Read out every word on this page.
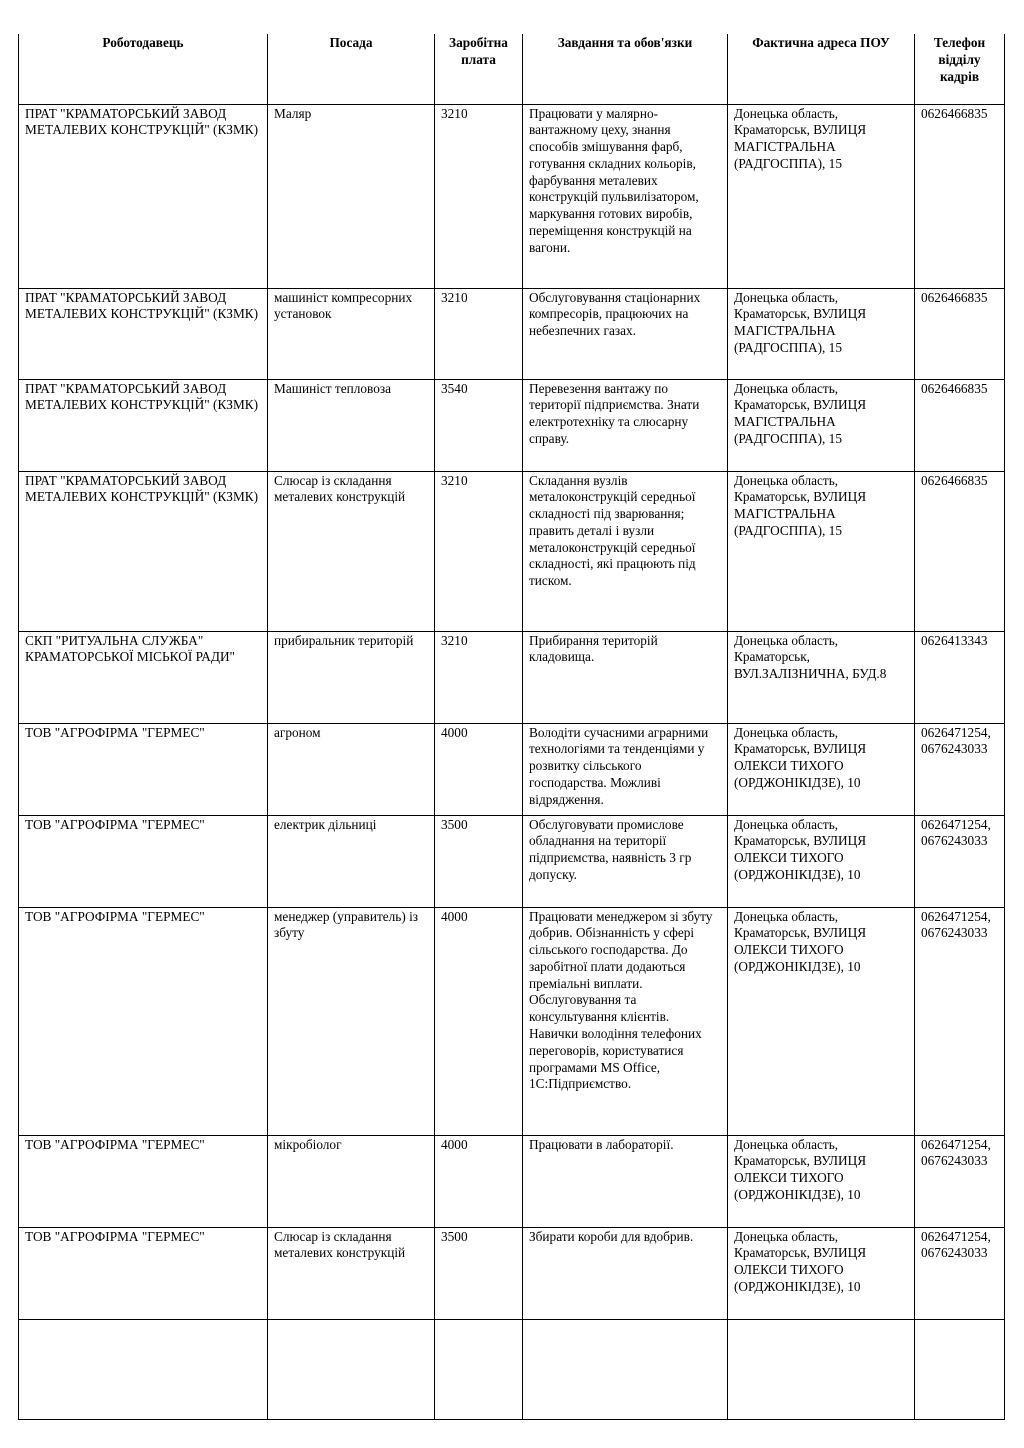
Роботодавець	Посада	Заробітна плата	Завдання та обов'язки	Фактична адреса ПОУ	Телефон відділу кадрів
ПРАТ "КРАМАТОРСЬКИЙ ЗАВОД МЕТАЛЕВИХ КОНСТРУКЦІЙ" (КЗМК)	Маляр	3210	Працювати у малярно-вантажному цеху, знання способів змішування фарб, готування складних кольорів, фарбування металевих конструкцій пульвилізатором, маркування готових виробів, переміщення конструкцій на вагони.	Донецька область, Краматорськ, ВУЛИЦЯ МАГІСТРАЛЬНА (РАДГОСППА), 15	0626466835
ПРАТ "КРАМАТОРСЬКИЙ ЗАВОД МЕТАЛЕВИХ КОНСТРУКЦІЙ" (КЗМК)	машиніст компресорних установок	3210	Обслуговування стаціонарних компресорів, працюючих на небезпечних газах.	Донецька область, Краматорськ, ВУЛИЦЯ МАГІСТРАЛЬНА (РАДГОСППА), 15	0626466835
ПРАТ "КРАМАТОРСЬКИЙ ЗАВОД МЕТАЛЕВИХ КОНСТРУКЦІЙ" (КЗМК)	Машиніст тепловоза	3540	Перевезення вантажу по території підприємства. Знати електротехніку та слюсарну справу.	Донецька область, Краматорськ, ВУЛИЦЯ МАГІСТРАЛЬНА (РАДГОСППА), 15	0626466835
ПРАТ "КРАМАТОРСЬКИЙ ЗАВОД МЕТАЛЕВИХ КОНСТРУКЦІЙ" (КЗМК)	Слюсар із складання металевих конструкцій	3210	Складання вузлів металоконструкцій середньої складності під зварювання; править деталі і вузли металоконструкцій середньої складності, які працюють під тиском.	Донецька область, Краматорськ, ВУЛИЦЯ МАГІСТРАЛЬНА (РАДГОСППА), 15	0626466835
СКП "РИТУАЛЬНА СЛУЖБА" КРАМАТОРСЬКОЇ МІСЬКОЇ РАДИ"	прибиральник територій	3210	Прибирання територій кладовища.	Донецька область, Краматорськ, ВУЛ.ЗАЛІЗНИЧНА, БУД.8	0626413343
ТОВ "АГРОФІРМА "ГЕРМЕС"	агроном	4000	Володіти сучасними аграрними технологіями та тенденціями у розвитку сільського господарства. Можливі відрядження.	Донецька область, Краматорськ, ВУЛИЦЯ ОЛЕКСИ ТИХОГО (ОРДЖОНІКІДЗЕ), 10	0626471254, 0676243033
ТОВ "АГРОФІРМА "ГЕРМЕС"	електрик дільниці	3500	Обслуговувати промислове обладнання на території підприємства, наявність 3 гр допуску.	Донецька область, Краматорськ, ВУЛИЦЯ ОЛЕКСИ ТИХОГО (ОРДЖОНІКІДЗЕ), 10	0626471254, 0676243033
ТОВ "АГРОФІРМА "ГЕРМЕС"	менеджер (управитель) із збуту	4000	Працювати менеджером зі збуту добрив. Обізнанність у сфері сільського господарства. До заробітної плати додаються преміальні виплати. Обслуговування та консультування клієнтів. Навички володіння телефоних переговорів, користуватися програмами MS Office, 1С:Підприємство.	Донецька область, Краматорськ, ВУЛИЦЯ ОЛЕКСИ ТИХОГО (ОРДЖОНІКІДЗЕ), 10	0626471254, 0676243033
ТОВ "АГРОФІРМА "ГЕРМЕС"	мікробіолог	4000	Працювати в лабораторії.	Донецька область, Краматорськ, ВУЛИЦЯ ОЛЕКСИ ТИХОГО (ОРДЖОНІКІДЗЕ), 10	0626471254, 0676243033
ТОВ "АГРОФІРМА "ГЕРМЕС"	Слюсар із складання металевих конструкцій	3500	Збирати короби для вдобрив.	Донецька область, Краматорськ, ВУЛИЦЯ ОЛЕКСИ ТИХОГО (ОРДЖОНІКІДЗЕ), 10	0626471254, 0676243033
